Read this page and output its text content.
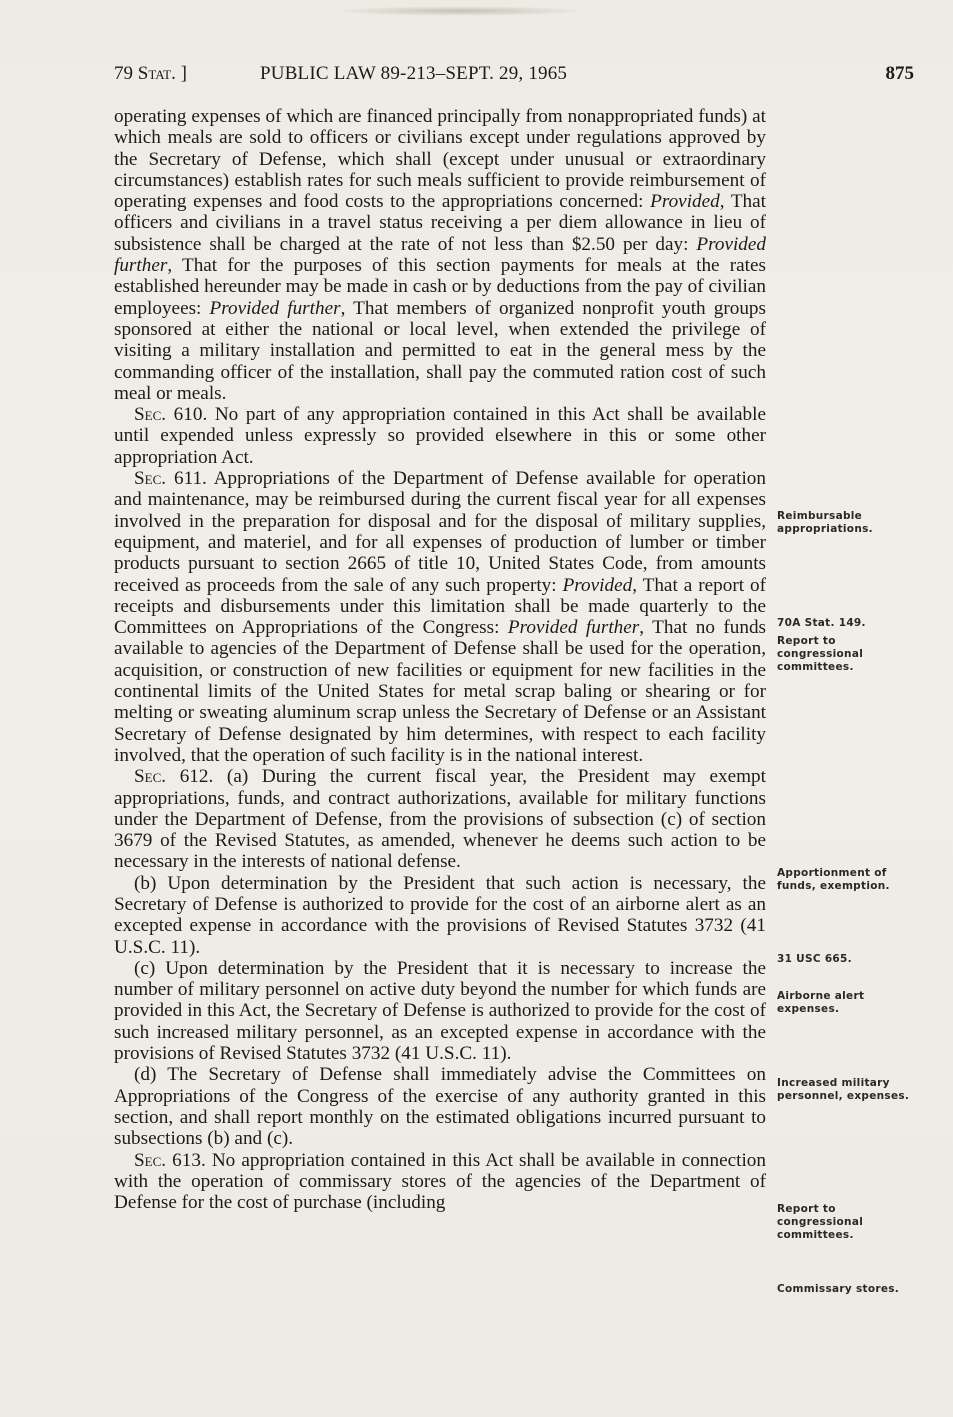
79 Stat. ]	PUBLIC LAW 89-213–SEPT. 29, 1965	875

operating expenses of which are financed principally from nonappropriated funds) at which meals are sold to officers or civilians except under regulations approved by the Secretary of Defense, which shall (except under unusual or extraordinary circumstances) establish rates for such meals sufficient to provide reimbursement of operating expenses and food costs to the appropriations concerned: Provided, That officers and civilians in a travel status receiving a per diem allowance in lieu of subsistence shall be charged at the rate of not less than $2.50 per day: Provided further, That for the purposes of this section payments for meals at the rates established hereunder may be made in cash or by deductions from the pay of civilian employees: Provided further, That members of organized nonprofit youth groups sponsored at either the national or local level, when extended the privilege of visiting a military installation and permitted to eat in the general mess by the commanding officer of the installation, shall pay the commuted ration cost of such meal or meals.

Sec. 610. No part of any appropriation contained in this Act shall be available until expended unless expressly so provided elsewhere in this or some other appropriation Act.

Sec. 611. Appropriations of the Department of Defense available for operation and maintenance, may be reimbursed during the current fiscal year for all expenses involved in the preparation for disposal and for the disposal of military supplies, equipment, and materiel, and for all expenses of production of lumber or timber products pursuant to section 2665 of title 10, United States Code, from amounts received as proceeds from the sale of any such property: Provided, That a report of receipts and disbursements under this limitation shall be made quarterly to the Committees on Appropriations of the Congress: Provided further, That no funds available to agencies of the Department of Defense shall be used for the operation, acquisition, or construction of new facilities or equipment for new facilities in the continental limits of the United States for metal scrap baling or shearing or for melting or sweating aluminum scrap unless the Secretary of Defense or an Assistant Secretary of Defense designated by him determines, with respect to each facility involved, that the operation of such facility is in the national interest.

Sec. 612. (a) During the current fiscal year, the President may exempt appropriations, funds, and contract authorizations, available for military functions under the Department of Defense, from the provisions of subsection (c) of section 3679 of the Revised Statutes, as amended, whenever he deems such action to be necessary in the interests of national defense.

(b) Upon determination by the President that such action is necessary, the Secretary of Defense is authorized to provide for the cost of an airborne alert as an excepted expense in accordance with the provisions of Revised Statutes 3732 (41 U.S.C. 11).

(c) Upon determination by the President that it is necessary to increase the number of military personnel on active duty beyond the number for which funds are provided in this Act, the Secretary of Defense is authorized to provide for the cost of such increased military personnel, as an excepted expense in accordance with the provisions of Revised Statutes 3732 (41 U.S.C. 11).

(d) The Secretary of Defense shall immediately advise the Committees on Appropriations of the Congress of the exercise of any authority granted in this section, and shall report monthly on the estimated obligations incurred pursuant to subsections (b) and (c).

Sec. 613. No appropriation contained in this Act shall be available in connection with the operation of commissary stores of the agencies of the Department of Defense for the cost of purchase (including

Reimbursable appropriations.
70A Stat. 149.
Report to congressional committees.
Apportionment of funds, exemption.
31 USC 665.
Airborne alert expenses.
Increased military personnel, expenses.
Report to congressional committees.
Commissary stores.
